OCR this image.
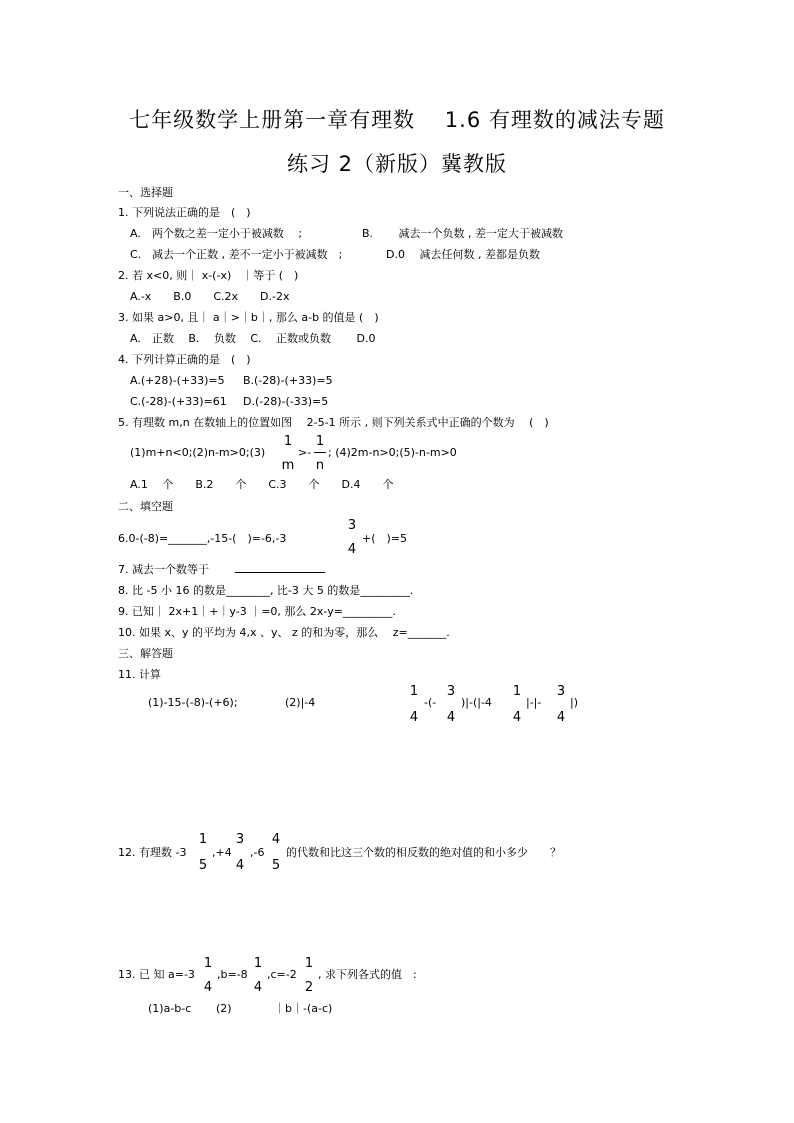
七年级数学上册第一章有理数　 1.6 有理数的减法专题
练习 2（新版）冀教版
一、选择题
1. 下列说法正确的是　(　)
A.　两个数之差一定小于被减数　 ;	B.　　 减去一个负数 , 差一定大于被减数
C.　减去一个正数 , 差不一定小于被减数　;	D.0　 减去任何数 , 差都是负数
2. 若 x<0, 则｜ x-(-x)　｜等于 (　)
A.-x　　B.0　　C.2x　　D.-2x
3. 如果 a>0, 且｜ a｜>｜b｜, 那么 a-b 的值是 (　)
A.　正数　 B.　 负数　 C.　 正数或负数　　 D.0
4. 下列计算正确的是　(　)
A.(+28)-(+33)=5 B.(-28)-(+33)=5
C.(-28)-(+33)=61 D.(-28)-(-33)=5
5. 有理数 m,n 在数轴上的位置如图　 2-5-1 所示 , 则下列关系式中正确的个数为　 (　)
(1)m+n<0;(2)n-m>0;(3)
1
m
>-
1
n
; (4)2m-n>0;(5)-n-m>0
A.1　 个　　B.2　　个　　C.3　　个　　D.4　　个
二、填空题
6.0-(-8)=_______,-15-(　)=-6,-3
3
4
+(　)=5
7. 减去一个数等于
8. 比 -5 小 16 的数是________, 比-3 大 5 的数是_________.
9. 已知｜ 2x+1｜+｜y-3 ｜=0, 那么 2x-y=_________.
10. 如果 x、y 的平均为 4,x 、y、 z 的和为零，那么　 z=_______.
三、解答题
11. 计算
(1)-15-(-8)-(+6);	(2)|-4
1
4
-(-
3
4
)|-(|-4
1
4
|-|-
3
4
|)
12. 有理数 -3
1
5
,+4
3
4
,-6
4
5
的代数和比这三个数的相反数的绝对值的和小多少　　？
13. 已 知 a=-3
1
4
,b=-8
1
4
,c=-2
1
2
, 求下列各式的值　:
(1)a-b-c (2)	｜b｜-(a-c)
